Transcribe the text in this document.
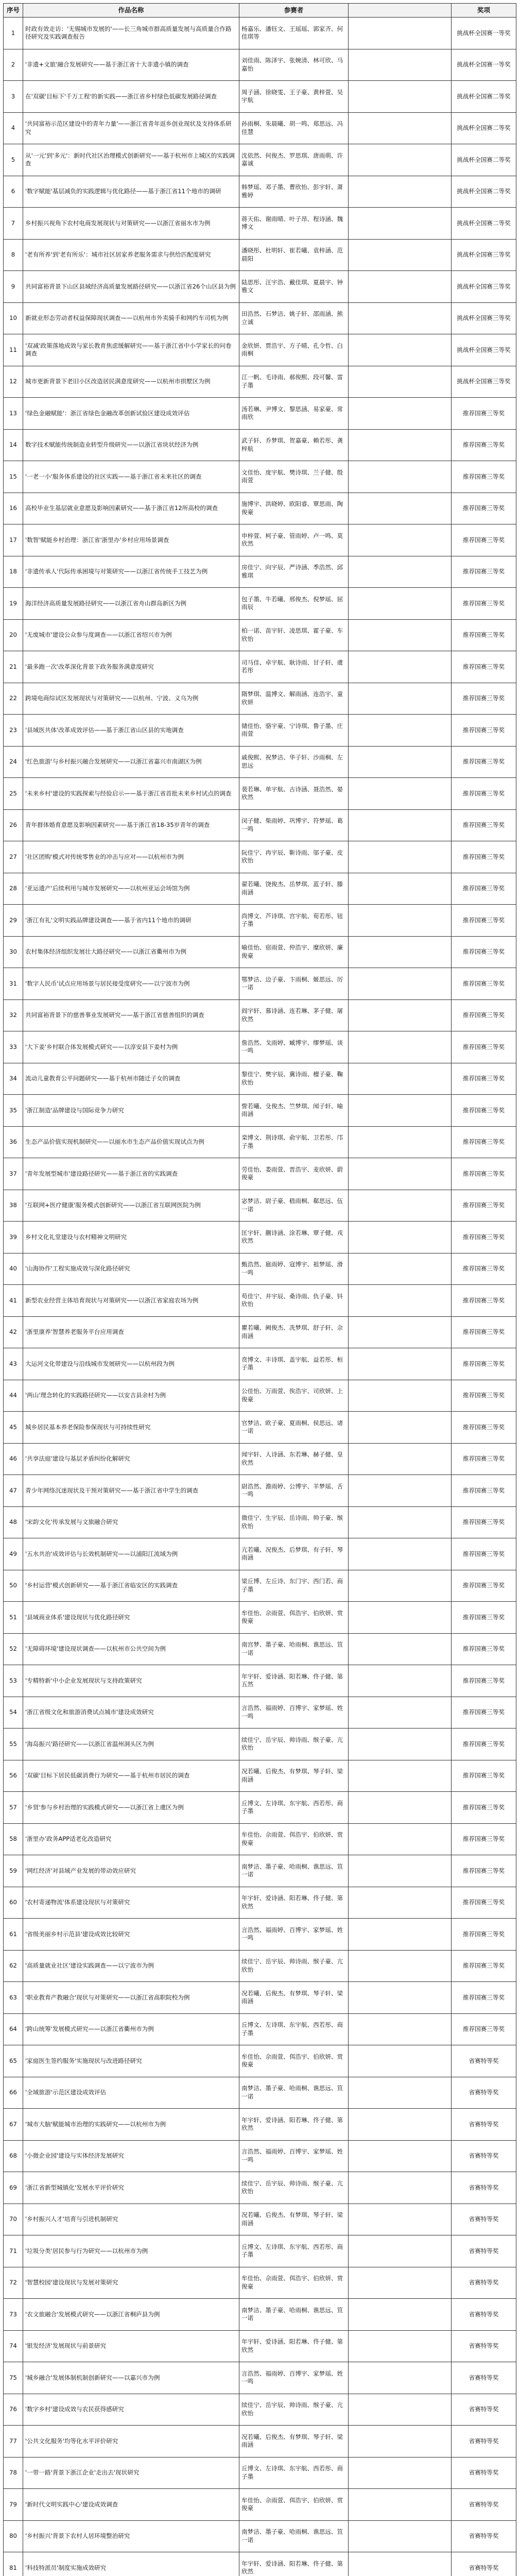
序号	作品名称	参赛者		奖项
1	时政有效走访：'无锡城市发展的'——长三角城市群高质量发展与高质量合作路径研究及实践调查报告	杨嘉乐、潘钰文、王瑶瑶、郭家齐、何佳琪等		挑战杯全国赛一等奖
2	'非遗+文旅'融合发展研究——基于浙江省十大非遗小镇的调查	刘佳雨、陈泽宇、张婉清、林可欣、马嘉怡		挑战杯全国赛一等奖
3	在'双碳'目标下'千万工程'的新实践——浙江省乡村绿色低碳发展路径调查	周子涵、徐晓雯、王子豪、黄梓萱、吴宇航		挑战杯全国赛二等奖
4	'共同富裕示范区建设中的青年力量'——浙江省青年返乡创业现状及支持体系研究	孙雨桐、朱晨曦、胡一鸣、郑思远、冯佳慧		挑战杯全国赛二等奖
5	从'一元'到'多元'：新时代社区治理模式创新研究——基于杭州市上城区的实践调查	沈依然、何俊杰、罗思琪、唐雨萌、许嘉诚		挑战杯全国赛二等奖
6	'数字赋能'基层减负的实践逻辑与优化路径——基于浙江省11个地市的调研	韩梦瑶、邓子墨、曹欣怡、彭宇轩、萧雅婷		挑战杯全国赛二等奖
7	乡村振兴视角下农村电商发展现状与对策研究——以浙江省丽水市为例	蒋天佑、谢雨晴、叶子昂、程诗涵、魏博文		挑战杯全国赛二等奖
8	'老有所养'到'老有所乐'：城市社区居家养老服务需求与供给匹配度研究	潘晓彤、杜明轩、崔若曦、袁梓涵、范晨阳		挑战杯全国赛三等奖
9	共同富裕背景下山区县域经济高质量发展路径研究——以浙江省26个山区县为例	陆思彤、汪宇浩、戴佳琪、夏晨宇、钟雅文		挑战杯全国赛三等奖
10	新就业形态劳动者权益保障现状调查——以杭州市外卖骑手和网约车司机为例	田浩然、石梦洁、姚子轩、邵雨涵、熊立诚		挑战杯全国赛三等奖
11	'双减'政策落地成效与家长教育焦虑缓解研究——基于浙江省中小学家长的问卷调查	金欣妍、贾浩宇、方子晴、孔令哲、白雨桐		挑战杯全国赛三等奖
12	城市更新背景下老旧小区改造居民满意度研究——以杭州市拱墅区为例	江一帆、毛诗雨、郝俊熙、段可馨、雷子墨		挑战杯全国赛三等奖
13	'绿色金融赋能'：浙江省绿色金融改革创新试验区建设成效评估	汤若琳、尹博文、黎思涵、易家豪、常雨欣		推荐国赛三等奖
14	数字技术赋能传统制造业转型升级研究——以浙江省块状经济为例	武子轩、乔梦琪、贺嘉豪、赖若彤、龚梓航		推荐国赛三等奖
15	'一老一小'服务体系建设的社区实践——基于浙江省未来社区的调查	文佳怡、庞宇航、樊诗琪、兰子健、殷雨萱		推荐国赛三等奖
16	高校毕业生基层就业意愿及影响因素研究——基于浙江省12所高校的调查	施博宇、洪晓婷、欧阳睿、覃思雨、陶俊豪		推荐国赛三等奖
17	'数智'赋能乡村治理：浙江省'浙里办'乡村应用场景调查	申梓萱、柯子豪、管雨婷、卢一鸣、莫欣然		推荐国赛三等奖
18	'非遗传承人'代际传承困境与对策研究——以浙江省传统手工技艺为例	房佳宁、向宇辰、严诗涵、季浩然、邱雅琪		推荐国赛三等奖
19	海洋经济高质量发展路径研究——以浙江省舟山群岛新区为例	包子墨、牛若曦、邢俊杰、倪梦瑶、屈雨辰		推荐国赛三等奖
20	'无废城市'建设公众参与度调查——以浙江省绍兴市为例	柏一诺、苗宇轩、凌思琪、霍子豪、车欣怡		推荐国赛三等奖
21	'最多跑一次'改革深化背景下政务服务满意度研究	司马佳、卓宇航、耿诗雨、甘子轩、虞若彤		推荐国赛三等奖
22	跨境电商综试区发展现状与对策研究——以杭州、宁波、义乌为例	隋梦琪、温博文、解雨涵、连浩宇、童欣妍		推荐国赛三等奖
23	'县域医共体'改革成效评估——基于浙江省山区县的实地调查	储佳怡、骆宇豪、宁诗琪、鲁子墨、庄雨萱		推荐国赛三等奖
24	'红色旅游'与乡村振兴融合发展研究——以浙江省嘉兴市南湖区为例	戚俊熙、祝梦洁、华子轩、沙雨桐、左思远		推荐国赛三等奖
25	'未来乡村'建设的实践探索与经验启示——基于浙江省首批未来乡村试点的调查	裴若琳、单宇航、古诗涵、聂浩然、晏欣然		推荐国赛三等奖
26	青年群体婚育意愿及影响因素研究——基于浙江省18-35岁青年的调查	闵子健、柴雨婷、巩博宇、符梦瑶、葛一鸣		推荐国赛三等奖
27	'社区团购'模式对传统零售业的冲击与应对——以杭州市为例	阮佳宁、冉宇辰、靳诗雨、邬子豪、皮欣怡		推荐国赛三等奖
28	'亚运遗产'后续利用与城市发展研究——以杭州亚运会场馆为例	翟若曦、饶俊杰、岳梦琪、蓝子轩、滕雨涵		推荐国赛三等奖
29	'浙江有礼'文明实践品牌建设调查——基于省内11个地市的调研	尚博文、芦诗琪、宫宇航、荀若彤、钮子墨		推荐国赛三等奖
30	农村集体经济组织发展壮大路径研究——以浙江省衢州市为例	喻佳怡、宿雨萱、仲浩宇、糜欣妍、廉俊豪		推荐国赛三等奖
31	'数字人民币'试点应用场景与居民接受度研究——以宁波市为例	鄂梦洁、边子豪、卞雨桐、姬思远、厉一诺		推荐国赛三等奖
32	共同富裕背景下的慈善事业发展研究——基于浙江省慈善组织的调查	阎宇轩、慕诗涵、连若琳、茅子健、屠欣然		推荐国赛三等奖
33	'大下姜'乡村联合体发展模式研究——以淳安县下姜村为例	詹浩然、戈雨婷、臧博宇、缪梦瑶、谈一鸣		推荐国赛三等奖
34	流动儿童教育公平问题研究——基于杭州市随迁子女的调查	黎佳宁、樊宇辰、冀诗雨、檀子豪、鞠欣怡		推荐国赛三等奖
35	'浙江制造'品牌建设与国际竞争力研究	訾若曦、殳俊杰、竺梦琪、闻子轩、喻雨涵		推荐国赛三等奖
36	生态产品价值实现机制研究——以丽水市生态产品价值实现试点为例	栾博文、荆诗琪、俞宇航、卫若彤、邝子墨		推荐国赛三等奖
37	'青年发展型城市'建设路径研究——基于浙江省的实践调查	劳佳怡、娄雨萱、晋浩宇、麦欣妍、蔚俊豪		推荐国赛三等奖
38	'互联网+医疗健康'服务模式创新研究——以浙江省互联网医院为例	宓梦洁、尉子豪、嵇雨桐、郗思远、伍一诺		推荐国赛三等奖
39	乡村文化礼堂建设与农村精神文明研究	匡宇轩、蒯诗涵、涂若琳、覃子健、戎欣然		推荐国赛三等奖
40	'山海协作'工程实施成效与深化路径研究	甄浩然、扈雨婷、寇博宇、祖梦瑶、滑一鸣		推荐国赛三等奖
41	新型农业经营主体培育现状与对策研究——以浙江省家庭农场为例	苟佳宁、井宇辰、桑诗雨、仇子豪、钭欣怡		推荐国赛三等奖
42	'浙里康养'智慧养老服务平台应用调查	瞿若曦、阙俊杰、冼梦琪、舒子轩、佘雨涵		推荐国赛三等奖
43	大运河文化带建设与沿线城市发展研究——以杭州段为例	贲博文、丰诗琪、盖宇航、益若彤、桓子墨		推荐国赛三等奖
44	'两山'理念转化的实践路径研究——以安吉县余村为例	公佳怡、万雨萱、俟浩宇、司欣妍、上俊豪		推荐国赛三等奖
45	城乡居民基本养老保险参保现状与可持续性研究	官梦洁、欧子豪、夏雨桐、侯思远、诸一诺		推荐国赛三等奖
46	'共享法庭'建设与基层矛盾纠纷化解研究	闻宇轩、人诗涵、东若琳、赫子健、皇欣然		推荐国赛三等奖
47	青少年网络沉迷现状及干预对策研究——基于浙江省中学生的调查	尉浩然、澹雨婷、公博宇、羊梦瑶、舌一鸣		推荐国赛三等奖
48	'宋韵文化'传承发展与文旅融合研究	微佳宁、生宇辰、岳诗雨、帅子豪、缑欣怡		推荐国赛三等奖
49	'五水共治'成效评估与长效机制研究——以浦阳江流域为例	亢若曦、况俊杰、后梦琪、有子轩、琴雨涵		推荐国赛三等奖
50	'乡村运营'模式创新研究——基于浙江省临安区的实践调查	梁丘博、左丘诗、东门宇、西门若、商子墨		推荐国赛三等奖
51	'县域商业体系'建设现状与优化路径研究	牟佳怡、佘雨萱、佴浩宇、伯欣妍、赏俊豪		推荐国赛三等奖
52	'无障碍环境'建设现状调查——以杭州市公共空间为例	南宫梦、墨子豪、哈雨桐、谯思远、笪一诺		推荐国赛三等奖
53	'专精特新'中小企业发展现状与支持政策研究	年宇轩、爱诗涵、阳若琳、佟子健、第五然		推荐国赛三等奖
54	'浙江省级文化和旅游消费试点城市'建设成效研究	言浩然、福雨婷、百博宇、家梦瑶、姓一鸣		推荐国赛三等奖
55	'海岛振兴'路径研究——以浙江省温州洞头区为例	续佳宁、岳宇辰、帅诗雨、缑子豪、亢欣怡		推荐国赛三等奖
56	'双碳'目标下居民低碳消费行为研究——基于杭州市居民的调查	况若曦、后俊杰、有梦琪、琴子轩、梁雨涵		推荐国赛三等奖
57	'乡贤'参与乡村治理的实践模式研究——以浙江省上虞区为例	丘博文、左诗琪、东宇航、西若彤、商子墨		推荐国赛三等奖
58	'浙里办'政务APP适老化改造研究	牟佳怡、佘雨萱、佴浩宇、伯欣妍、赏俊豪		推荐国赛三等奖
59	'网红经济'对县域产业发展的带动效应研究	南梦洁、墨子豪、哈雨桐、谯思远、笪一诺		推荐国赛三等奖
60	'农村寄递物流'体系建设现状与对策研究	年宇轩、爱诗涵、阳若琳、佟子健、第欣然		推荐国赛三等奖
61	'省级美丽乡村示范县'建设成效比较研究	言浩然、福雨婷、百博宇、家梦瑶、姓一鸣		推荐国赛三等奖
62	'高质量就业社区'建设实践调查——以宁波市为例	续佳宁、岳宇辰、帅诗雨、缑子豪、亢欣怡		推荐国赛三等奖
63	'职业教育产教融合'现状与对策研究——以浙江省高职院校为例	况若曦、后俊杰、有梦琪、琴子轩、梁雨涵		推荐国赛三等奖
64	'跨山统筹'发展模式研究——以浙江省衢州市为例	丘博文、左诗琪、东宇航、西若彤、商子墨		推荐国赛三等奖
65	'家庭医生签约服务'实施现状与改进路径研究	牟佳怡、佘雨萱、佴浩宇、伯欣妍、赏俊豪		省赛特等奖
66	'全域旅游'示范区建设成效评估	南梦洁、墨子豪、哈雨桐、谯思远、笪一诺		省赛特等奖
67	'城市大脑'赋能城市治理的实践研究——以杭州市为例	年宇轩、爱诗涵、阳若琳、佟子健、第欣然		省赛特等奖
68	'小微企业园'建设与实体经济发展研究	言浩然、福雨婷、百博宇、家梦瑶、姓一鸣		省赛特等奖
69	'浙江省新型城镇化'发展水平评价研究	续佳宁、岳宇辰、帅诗雨、缑子豪、亢欣怡		省赛特等奖
70	'乡村振兴人才'培育与引进机制研究	况若曦、后俊杰、有梦琪、琴子轩、梁雨涵		省赛特等奖
71	'垃圾分类'居民参与行为研究——以杭州市为例	丘博文、左诗琪、东宇航、西若彤、商子墨		省赛特等奖
72	'智慧校园'建设现状与发展对策研究	牟佳怡、佘雨萱、佴浩宇、伯欣妍、赏俊豪		省赛特等奖
73	'农文旅融合'发展模式研究——以浙江省桐庐县为例	南梦洁、墨子豪、哈雨桐、谯思远、笪一诺		省赛特等奖
74	'银发经济'发展现状与前景研究	年宇轩、爱诗涵、阳若琳、佟子健、第欣然		省赛特等奖
75	'城乡融合'发展体制机制创新研究——以嘉兴市为例	言浩然、福雨婷、百博宇、家梦瑶、姓一鸣		省赛特等奖
76	'数字乡村'建设成效与农民获得感研究	续佳宁、岳宇辰、帅诗雨、缑子豪、亢欣怡		省赛特等奖
77	'公共文化服务'均等化水平评价研究	况若曦、后俊杰、有梦琪、琴子轩、梁雨涵		省赛特等奖
78	'一带一路'背景下浙江企业'走出去'现状研究	丘博文、左诗琪、东宇航、西若彤、商子墨		省赛特等奖
79	'新时代文明实践中心'建设成效调查	牟佳怡、佘雨萱、佴浩宇、伯欣妍、赏俊豪		省赛特等奖
80	'乡村振兴'背景下农村人居环境整治研究	南梦洁、墨子豪、哈雨桐、谯思远、笪一诺		省赛特等奖
81	'科技特派员'制度实施成效研究	年宇轩、爱诗涵、阳若琳、佟子健、第欣然		省赛特等奖
